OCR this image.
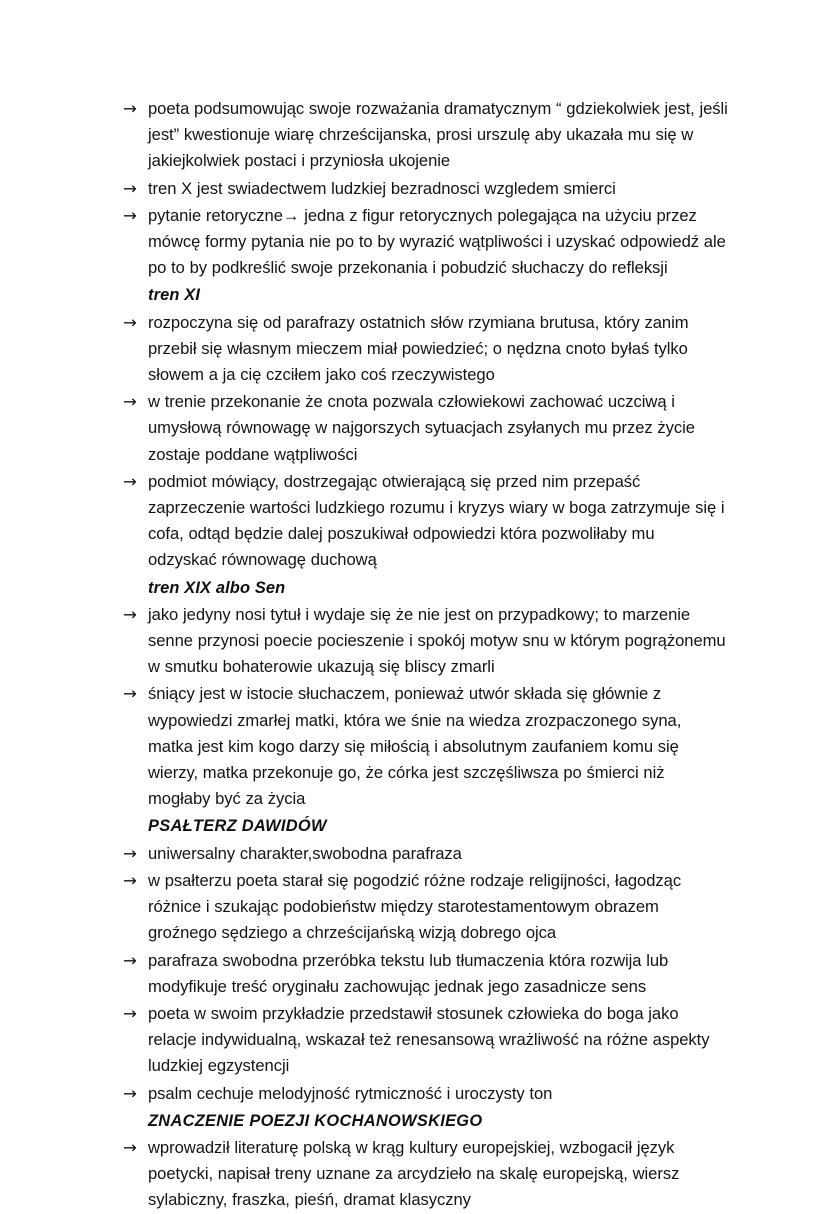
→ poeta podsumowując swoje rozważania dramatycznym “ gdziekolwiek jest, jeśli jest” kwestionuje wiarę chrześcijanska, prosi urszulę aby ukazała mu się w jakiejkolwiek postaci i przyniosła ukojenie
→ tren X jest swiadectwem ludzkiej bezradnosci wzgledem smierci
→ pytanie retoryczne→ jedna z figur retorycznych polegająca na użyciu przez mówcę formy pytania nie po to by wyrazić wątpliwości i uzyskać odpowiedź ale po to by podkreślić swoje przekonania i pobudzić słuchaczy do refleksji
tren XI
→ rozpoczyna się od parafrazy ostatnich słów rzymiana brutusa, który zanim przebił się własnym mieczem miał powiedzieć; o nędzna cnoto byłaś tylko słowem a ja cię czciłem jako coś rzeczywistego
→ w trenie przekonanie że cnota pozwala człowiekowi zachować uczciwą i umysłową równowagę w najgorszych sytuacjach zsyłanych mu przez życie zostaje poddane wątpliwości
→ podmiot mówiący, dostrzegając otwierającą się przed nim przepaść zaprzeczenie wartości ludzkiego rozumu i kryzys wiary w boga zatrzymuje się i cofa, odtąd będzie dalej poszukiwał odpowiedzi która pozwoliłaby mu odzyskać równowagę duchową
tren XIX albo Sen
→ jako jedyny nosi tytuł i wydaje się że nie jest on przypadkowy; to marzenie senne przynosi poecie pocieszenie i spokój motyw snu w którym pogrążonemu w smutku bohaterowie ukazują się bliscy zmarli
→ śniący jest w istocie słuchaczem, ponieważ utwór składa się głównie z wypowiedzi zmarłej matki, która we śnie na wiedza zrozpaczonego syna, matka jest kim kogo darzy się miłością i absolutnym zaufaniem komu się wierzy, matka przekonuje go, że córka jest szczęśliwsza po śmierci niż mogłaby być za życia
PSAŁTERZ DAWIDÓW
→ uniwersalny charakter,swobodna parafraza
→ w psałterzu poeta starał się pogodzić różne rodzaje religijności, łagodząc różnice i szukając podobieństw między starotestamentowym obrazem groźnego sędziego a chrześcijańską wizją dobrego ojca
→ parafraza swobodna przeróbka tekstu lub tłumaczenia która rozwija lub modyfikuje treść oryginału zachowując jednak jego zasadnicze sens
→ poeta w swoim przykładzie przedstawił stosunek człowieka do boga jako relacje indywidualną, wskazał też renesansową wrażliwość na różne aspekty ludzkiej egzystencji
→ psalm cechuje melodyjność rytmiczność i uroczysty ton
ZNACZENIE POEZJI KOCHANOWSKIEGO
→ wprowadził literaturę polską w krąg kultury europejskiej, wzbogacił język poetycki, napisał treny uznane za arcydzieło na skalę europejską, wiersz sylabiczny, fraszka, pieśń, dramat klasyczny
